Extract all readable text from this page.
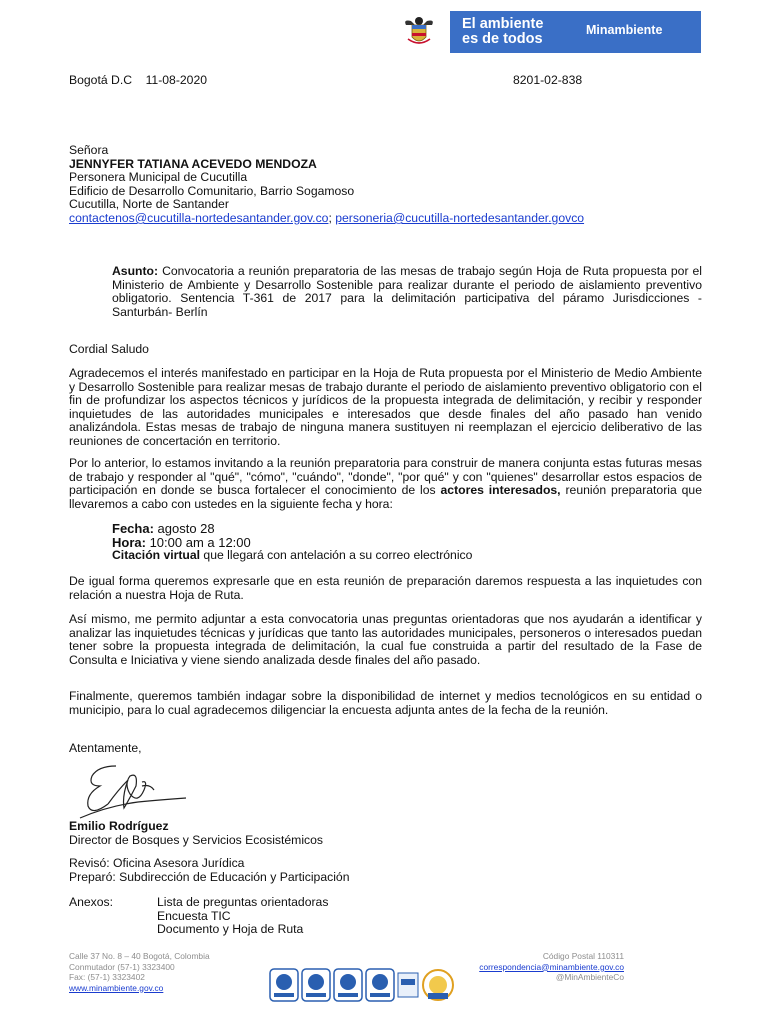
El ambiente
es de todos
Minambiente
Bogotá D.C 11-08-2020	8201-02-838
Señora
JENNYFER TATIANA ACEVEDO MENDOZA
Personera Municipal de Cucutilla
Edificio de Desarrollo Comunitario, Barrio Sogamoso
Cucutilla, Norte de Santander
contactenos@cucutilla-nortedesantander.gov.co; personeria@cucutilla-nortedesantander.govco
Asunto: Convocatoria a reunión preparatoria de las mesas de trabajo según Hoja de Ruta propuesta por el Ministerio de Ambiente y Desarrollo Sostenible para realizar durante el periodo de aislamiento preventivo obligatorio. Sentencia T-361 de 2017 para la delimitación participativa del páramo Jurisdicciones - Santurbán- Berlín
Cordial Saludo
Agradecemos el interés manifestado en participar en la Hoja de Ruta propuesta por el Ministerio de Medio Ambiente y Desarrollo Sostenible para realizar mesas de trabajo durante el periodo de aislamiento preventivo obligatorio con el fin de profundizar los aspectos técnicos y jurídicos de la propuesta integrada de delimitación, y recibir y responder inquietudes de las autoridades municipales e interesados que desde finales del año pasado han venido analizándola. Estas mesas de trabajo de ninguna manera sustituyen ni reemplazan el ejercicio deliberativo de las reuniones de concertación en territorio.
Por lo anterior, lo estamos invitando a la reunión preparatoria para construir de manera conjunta estas futuras mesas de trabajo y responder al "qué", "cómo", "cuándo", "donde", "por qué" y con "quienes" desarrollar estos espacios de participación en donde se busca fortalecer el conocimiento de los actores interesados, reunión preparatoria que llevaremos a cabo con ustedes en la siguiente fecha y hora:
Fecha: agosto 28
Hora: 10:00 am a 12:00
Citación virtual que llegará con antelación a su correo electrónico
De igual forma queremos expresarle que en esta reunión de preparación daremos respuesta a las inquietudes con relación a nuestra Hoja de Ruta.
Así mismo, me permito adjuntar a esta convocatoria unas preguntas orientadoras que nos ayudarán a identificar y analizar las inquietudes técnicas y jurídicas que tanto las autoridades municipales, personeros o interesados puedan tener sobre la propuesta integrada de delimitación, la cual fue construida a partir del resultado de la Fase de Consulta e Iniciativa y viene siendo analizada desde finales del año pasado.
Finalmente, queremos también indagar sobre la disponibilidad de internet y medios tecnológicos en su entidad o municipio, para lo cual agradecemos diligenciar la encuesta adjunta antes de la fecha de la reunión.
Atentamente,
Emilio Rodríguez
Director de Bosques y Servicios Ecosistémicos
Revisó: Oficina Asesora Jurídica
Preparó: Subdirección de Educación y Participación
Anexos:	Lista de preguntas orientadoras
Encuesta TIC
Documento y Hoja de Ruta
Calle 37 No. 8 – 40 Bogotá, Colombia
Conmutador (57-1) 3323400
Fax: (57-1) 3323402
www.minambiente.gov.co
Código Postal 110311
correspondencia@minambiente.gov.co
@MinAmbienteCo
